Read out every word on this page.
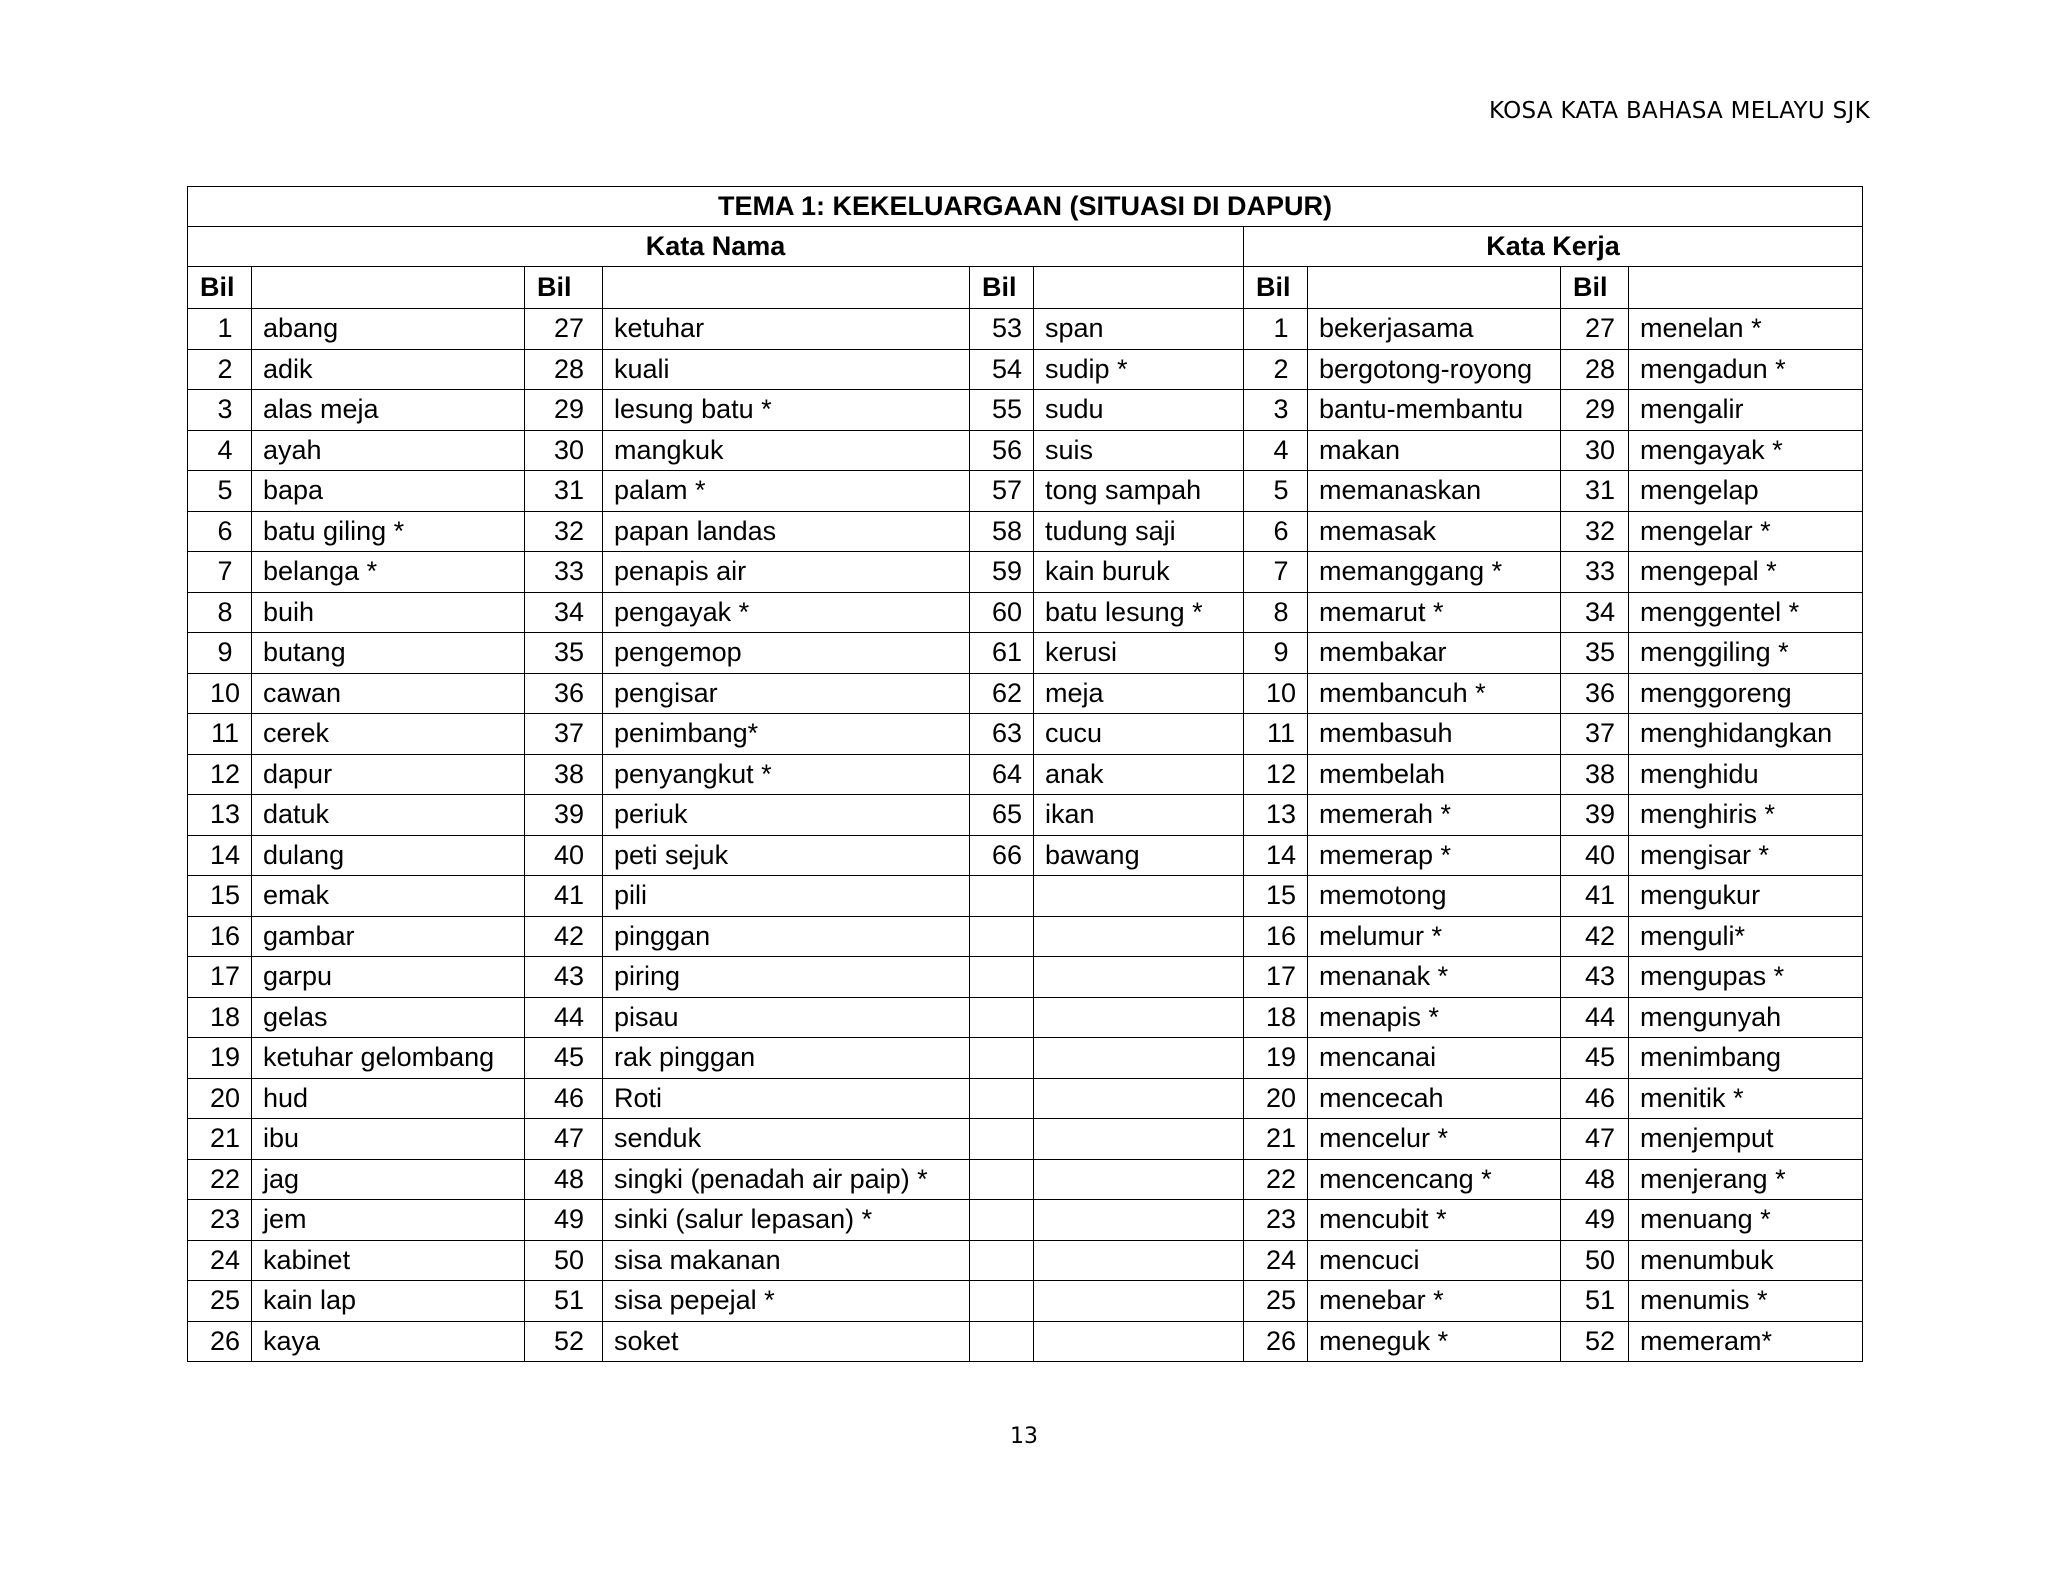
KOSA KATA BAHASA MELAYU SJK
TEMA 1: KEKELUARGAAN (SITUASI DI DAPUR)									
Kata Nama						Kata Kerja			
Bil		Bil		Bil		Bil		Bil	
1	abang	27	ketuhar	53	span	1	bekerjasama	27	menelan *
2	adik	28	kuali	54	sudip *	2	bergotong-royong	28	mengadun *
3	alas meja	29	lesung batu *	55	sudu	3	bantu-membantu	29	mengalir
4	ayah	30	mangkuk	56	suis	4	makan	30	mengayak *
5	bapa	31	palam *	57	tong sampah	5	memanaskan	31	mengelap
6	batu giling *	32	papan landas	58	tudung saji	6	memasak	32	mengelar *
7	belanga *	33	penapis air	59	kain buruk	7	memanggang *	33	mengepal *
8	buih	34	pengayak *	60	batu lesung *	8	memarut *	34	menggentel *
9	butang	35	pengemop	61	kerusi	9	membakar	35	menggiling *
10	cawan	36	pengisar	62	meja	10	membancuh *	36	menggoreng
11	cerek	37	penimbang*	63	cucu	11	membasuh	37	menghidangkan
12	dapur	38	penyangkut *	64	anak	12	membelah	38	menghidu
13	datuk	39	periuk	65	ikan	13	memerah *	39	menghiris *
14	dulang	40	peti sejuk	66	bawang	14	memerap *	40	mengisar *
15	emak	41	pili			15	memotong	41	mengukur
16	gambar	42	pinggan			16	melumur *	42	menguli*
17	garpu	43	piring			17	menanak *	43	mengupas *
18	gelas	44	pisau			18	menapis *	44	mengunyah
19	ketuhar gelombang	45	rak pinggan			19	mencanai	45	menimbang
20	hud	46	Roti			20	mencecah	46	menitik *
21	ibu	47	senduk			21	mencelur *	47	menjemput
22	jag	48	singki (penadah air paip) *			22	mencencang *	48	menjerang *
23	jem	49	sinki (salur lepasan) *			23	mencubit *	49	menuang *
24	kabinet	50	sisa makanan			24	mencuci	50	menumbuk
25	kain lap	51	sisa pepejal *			25	menebar *	51	menumis *
26	kaya	52	soket			26	meneguk *	52	memeram*
13
